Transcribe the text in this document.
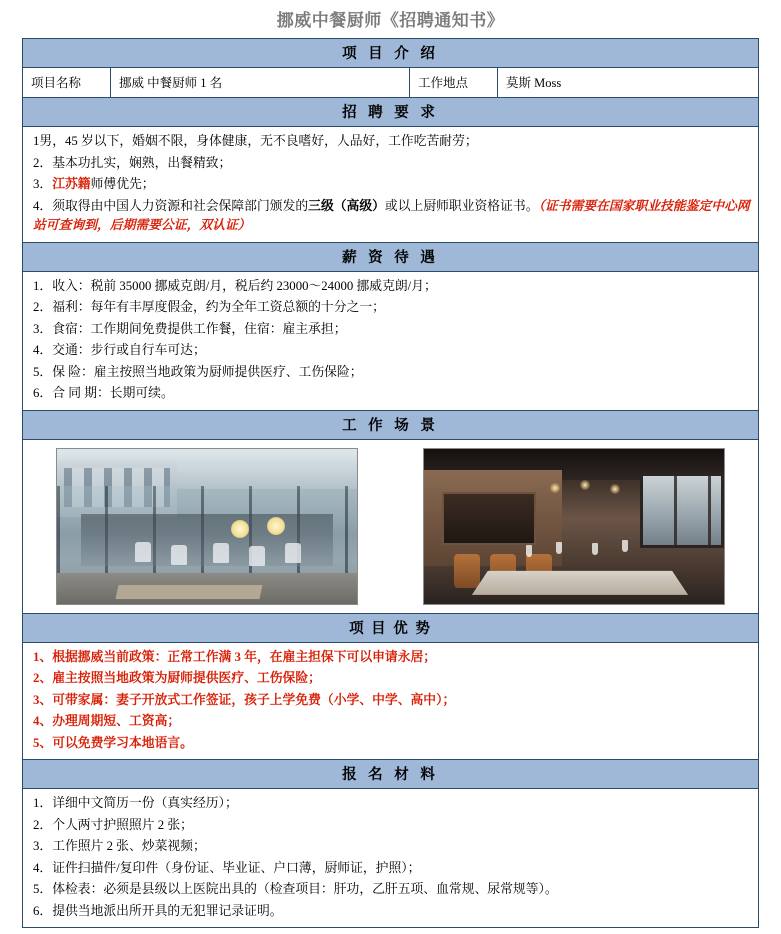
挪威中餐厨师《招聘通知书》
项 目 介 绍
项目名称	挪威 中餐厨师 1 名	工作地点	莫斯 Moss
招 聘 要 求
1男，45 岁以下，婚姻不限，身体健康，无不良嗜好，人品好，工作吃苦耐劳；
2．基本功扎实，娴熟，出餐精致；
3．江苏籍师傅优先；
4．须取得由中国人力资源和社会保障部门颁发的三级（高级）或以上厨师职业资格证书。（证书需要在国家职业技能鉴定中心网站可查询到，后期需要公证，双认证）
薪 资 待 遇
1．收入：税前 35000 挪威克朗/月，税后约 23000～24000 挪威克朗/月；
2．福利：每年有丰厚度假金，约为全年工资总额的十分之一；
3．食宿：工作期间免费提供工作餐，住宿：雇主承担；
4．交通：步行或自行车可达；
5．保 险：雇主按照当地政策为厨师提供医疗、工伤保险；
6．合 同 期：长期可续。
工 作 场 景
项 目 优 势
1、根据挪威当前政策：正常工作满 3 年，在雇主担保下可以申请永居；
2、雇主按照当地政策为厨师提供医疗、工伤保险；
3、可带家属：妻子开放式工作签证，孩子上学免费（小学、中学、高中）；
4、办理周期短、工资高；
5、可以免费学习本地语言。
报 名 材 料
1．详细中文简历一份（真实经历）；
2．个人两寸护照照片 2 张；
3．工作照片 2 张、炒菜视频；
4．证件扫描件/复印件（身份证、毕业证、户口薄，厨师证，护照）；
5．体检表：必须是县级以上医院出具的（检查项目：肝功，乙肝五项、血常规、尿常规等）。
6．提供当地派出所开具的无犯罪记录证明。
